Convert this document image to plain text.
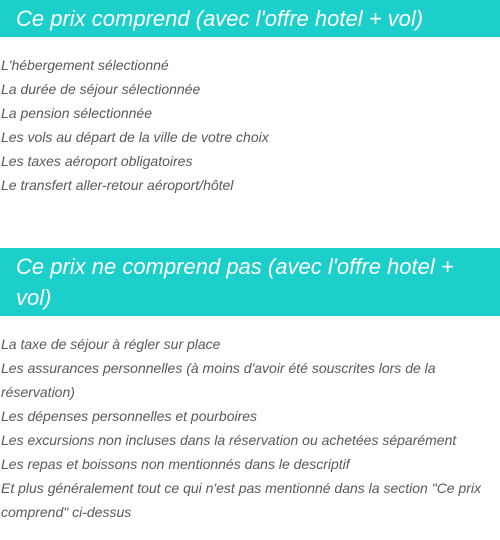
Ce prix comprend (avec l'offre hotel + vol)
L'hébergement sélectionné
La durée de séjour sélectionnée
La pension sélectionnée
Les vols au départ de la ville de votre choix
Les taxes aéroport obligatoires
Le transfert aller-retour aéroport/hôtel
Ce prix ne comprend pas (avec l'offre hotel + vol)
La taxe de séjour à régler sur place
Les assurances personnelles (à moins d'avoir été souscrites lors de la réservation)
Les dépenses personnelles et pourboires
Les excursions non incluses dans la réservation ou achetées séparément
Les repas et boissons non mentionnés dans le descriptif
Et plus généralement tout ce qui n'est pas mentionné dans la section "Ce prix comprend" ci-dessus
